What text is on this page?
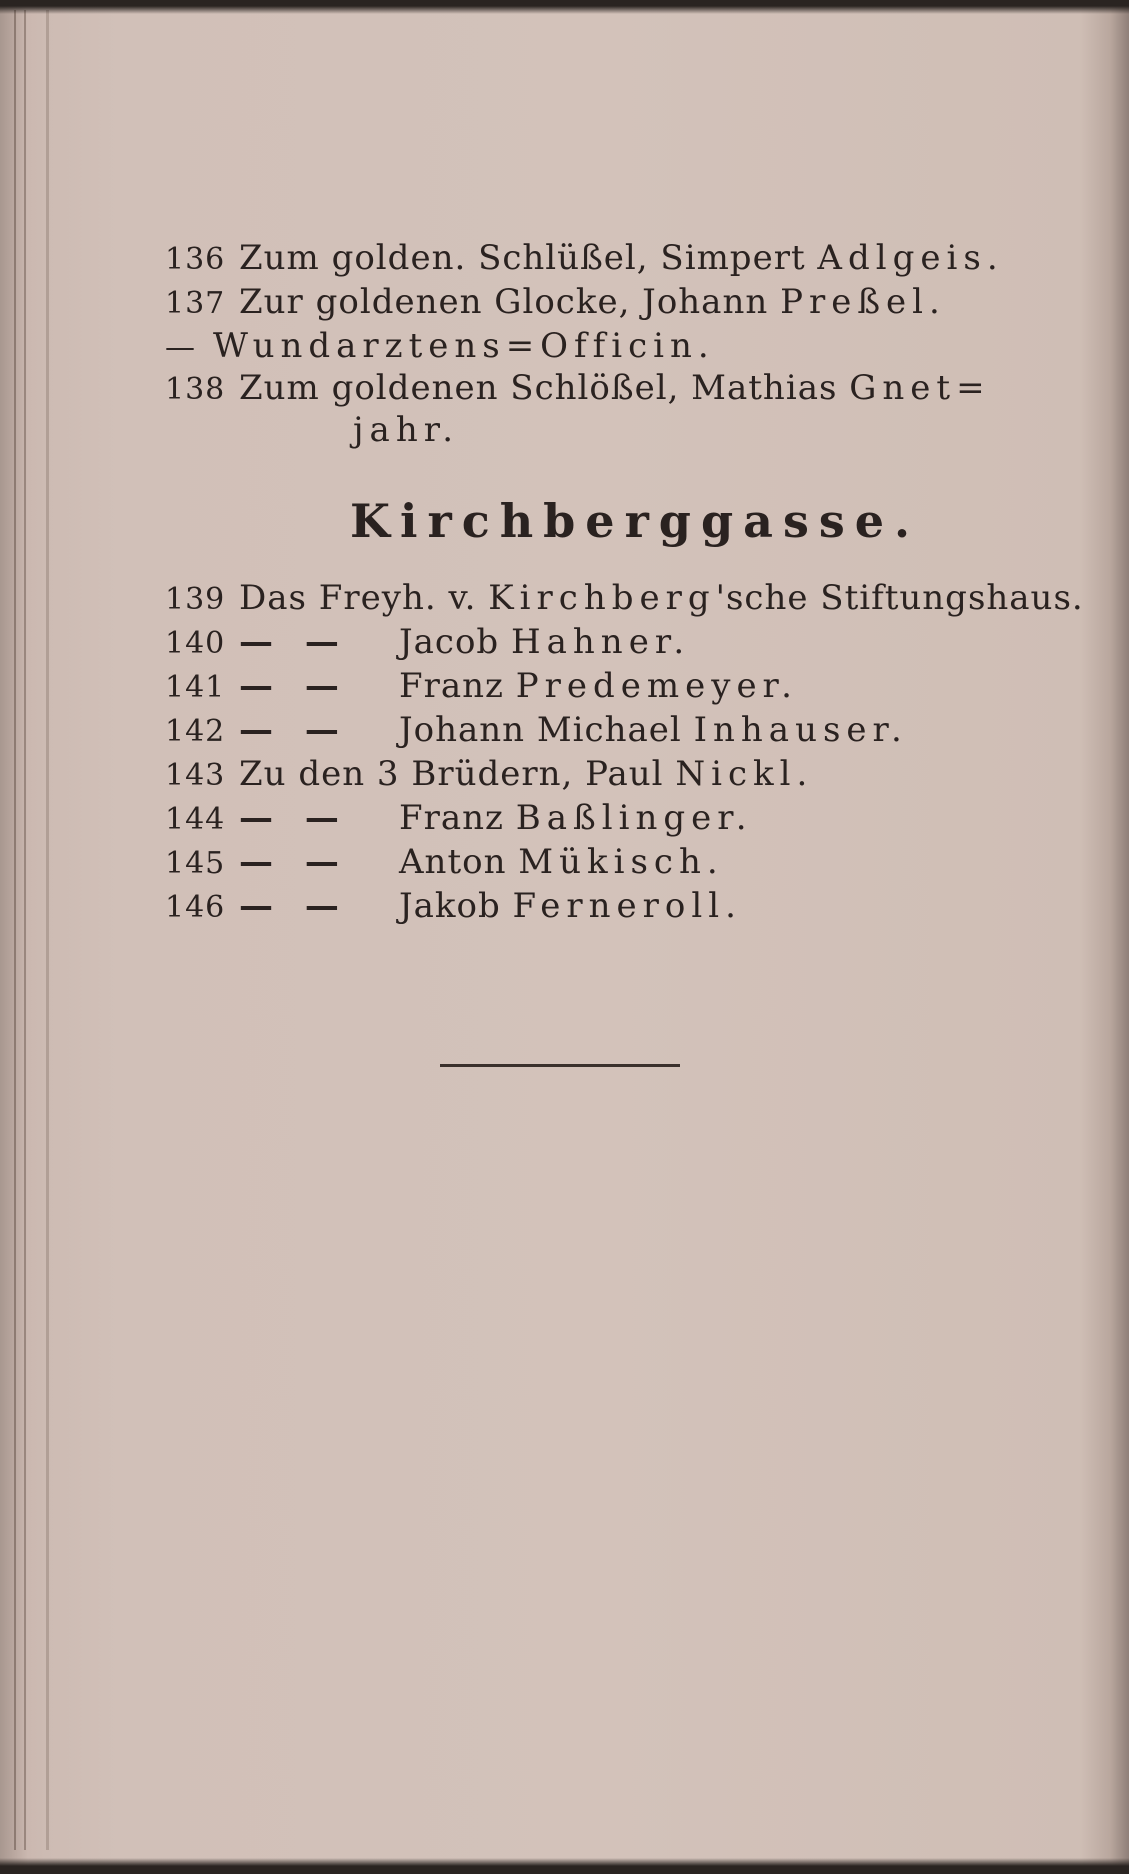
136 Zum golden. Schlüßel, Simpert Adlgeis.
137 Zur goldenen Glocke, Johann Preßel.
— Wundarztens=Officin.
138 Zum goldenen Schlößel, Mathias Gnet=
jahr.
Kirchberggasse.
139 Das Freyh. v. Kirchberg'sche Stiftungshaus.
140 — — Jacob Hahner.
141 — — Franz Predemeyer.
142 — — Johann Michael Inhauser.
143 Zu den 3 Brüdern, Paul Nickl.
144 — — Franz Baßlinger.
145 — — Anton Mükisch.
146 — — Jakob Ferneroll.
